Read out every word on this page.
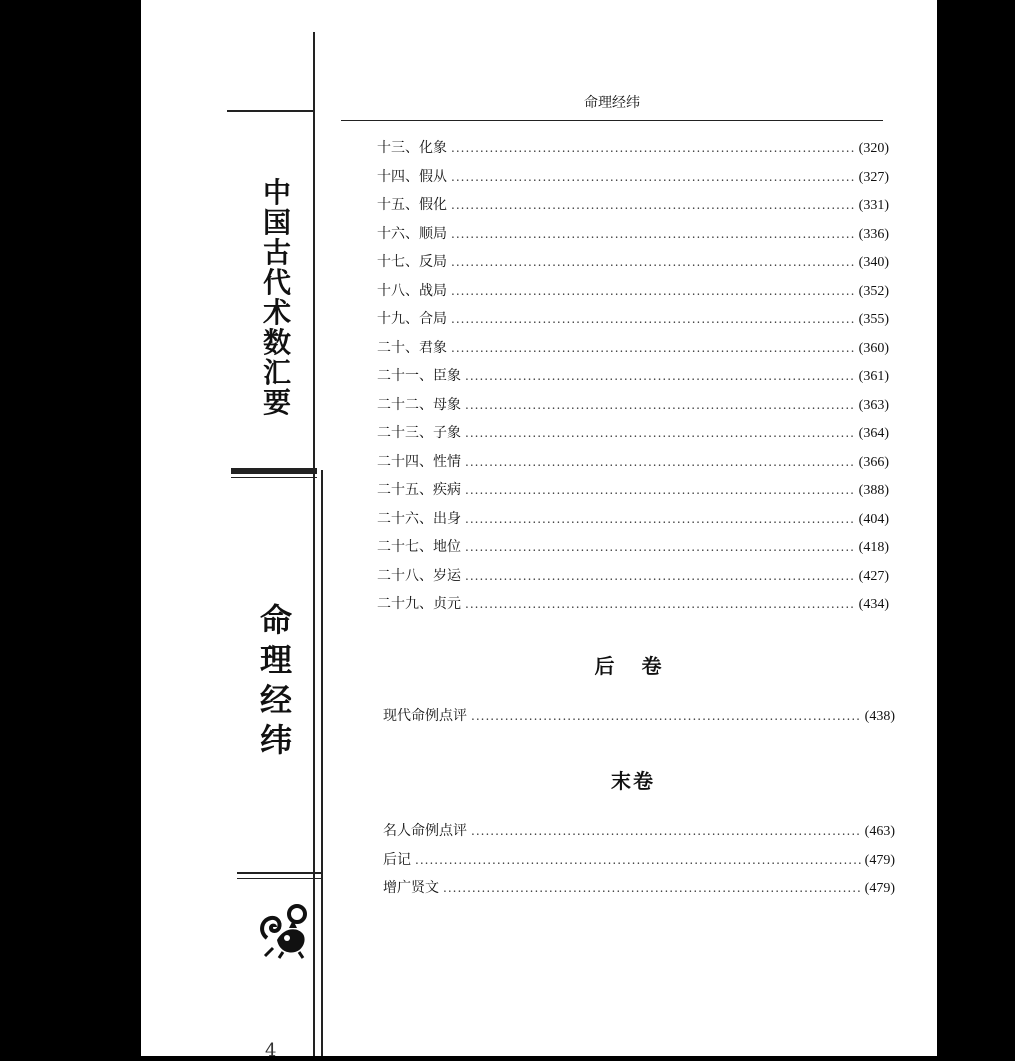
中国古代术数汇要
命理经纬
4
命理经纬
十三、化象 .....	(320)
十四、假从 .....	(327)
十五、假化 .....	(331)
十六、顺局 .....	(336)
十七、反局 .....	(340)
十八、战局 .....	(352)
十九、合局 .....	(355)
二十、君象 .....	(360)
二十一、臣象 .....	(361)
二十二、母象 .....	(363)
二十三、子象 .....	(364)
二十四、性情 .....	(366)
二十五、疾病 .....	(388)
二十六、出身 .....	(404)
二十七、地位 .....	(418)
二十八、岁运 .....	(427)
二十九、贞元 .....	(434)
后 卷
现代命例点评 .....	(438)
末卷
名人命例点评 .....	(463)
后记 .....	(479)
增广贤文 .....	(479)
